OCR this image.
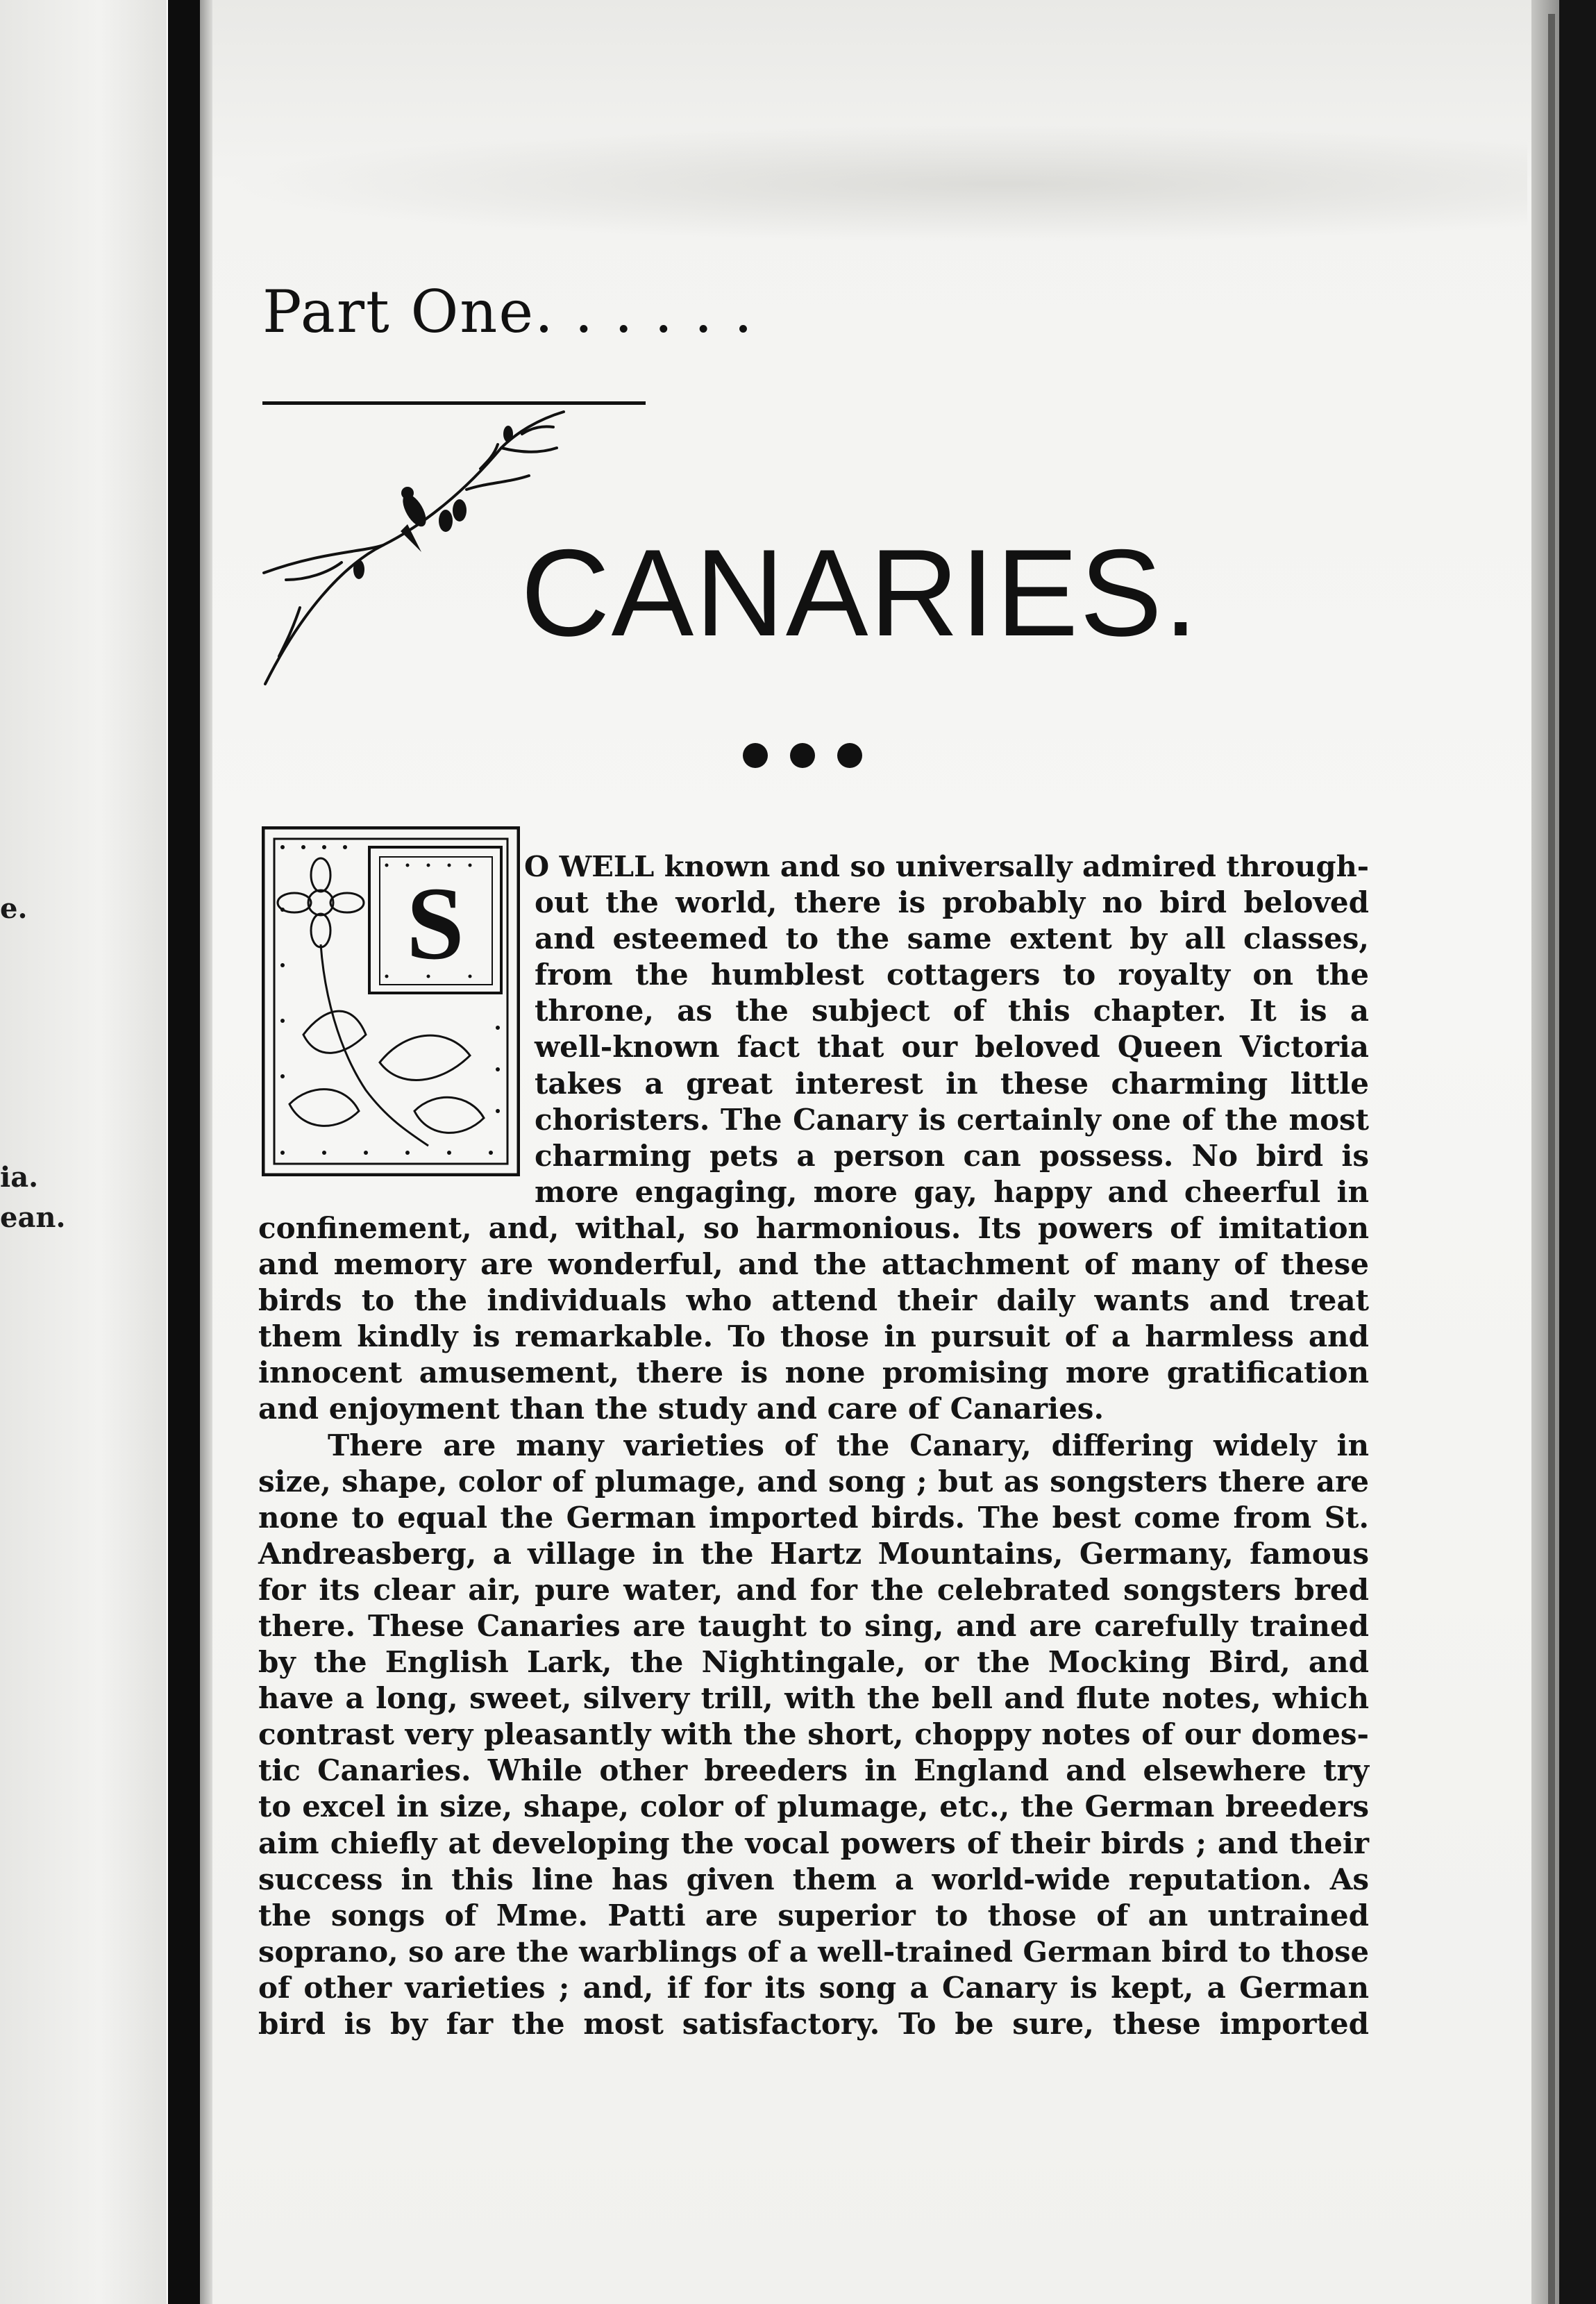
e.
ia.
ean.
Part One. . . . . .
CANARIES.
S	O WELL known and so universally admired through-
out the world, there is probably no bird beloved
and esteemed to the same extent by all classes,
from the humblest cottagers to royalty on the
throne, as the subject of this chapter. It is a
well-known fact that our beloved Queen Victoria
takes a great interest in these charming little
choristers. The Canary is certainly one of the most
charming pets a person can possess. No bird is
more engaging, more gay, happy and cheerful in
confinement, and, withal, so harmonious. Its powers of imitation
and memory are wonderful, and the attachment of many of these
birds to the individuals who attend their daily wants and treat
them kindly is remarkable. To those in pursuit of a harmless and
innocent amusement, there is none promising more gratification
and enjoyment than the study and care of Canaries.
There are many varieties of the Canary, differing widely in
size, shape, color of plumage, and song ; but as songsters there are
none to equal the German imported birds. The best come from St.
Andreasberg, a village in the Hartz Mountains, Germany, famous
for its clear air, pure water, and for the celebrated songsters bred
there. These Canaries are taught to sing, and are carefully trained
by the English Lark, the Nightingale, or the Mocking Bird, and
have a long, sweet, silvery trill, with the bell and flute notes, which
contrast very pleasantly with the short, choppy notes of our domes-
tic Canaries. While other breeders in England and elsewhere try
to excel in size, shape, color of plumage, etc., the German breeders
aim chiefly at developing the vocal powers of their birds ; and their
success in this line has given them a world-wide reputation. As
the songs of Mme. Patti are superior to those of an untrained
soprano, so are the warblings of a well-trained German bird to those
of other varieties ; and, if for its song a Canary is kept, a German
bird is by far the most satisfactory. To be sure, these imported
